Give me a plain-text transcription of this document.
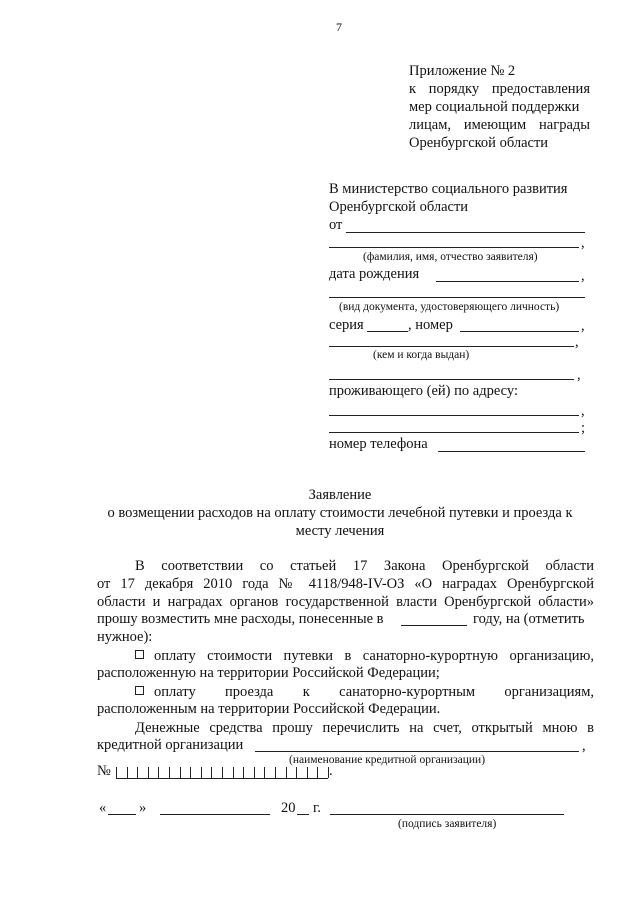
7
Приложение № 2
к порядку предоставления
мер социальной поддержки
лицам, имеющим награды
Оренбургской области
В министерство социального развития
Оренбургской области
от
,
(фамилия, имя, отчество заявителя)
дата рождения	,
(вид документа, удостоверяющего личность)
серия	, номер	,
,
(кем и когда выдан)
,
проживающего (ей) по адресу:
,
;
номер телефона
Заявление
о возмещении расходов на оплату стоимости лечебной путевки и проезда к
месту лечения
В соответствии со статьей 17 Закона Оренбургской области
от 17 декабря 2010 года № 4118/948-IV-ОЗ «О наградах Оренбургской
области и наградах органов государственной власти Оренбургской области»
прошу возместить мне расходы, понесенные в	году, на (отметить
нужное):
оплату стоимости путевки в санаторно-курортную организацию,
расположенную на территории Российской Федерации;
оплату проезда к санаторно-курортным организациям,
расположенным на территории Российской Федерации.
Денежные средства прошу перечислить на счет, открытый мною в
кредитной организации	,
(наименование кредитной организации)
№	.
« »	20 г.
(подпись заявителя)
